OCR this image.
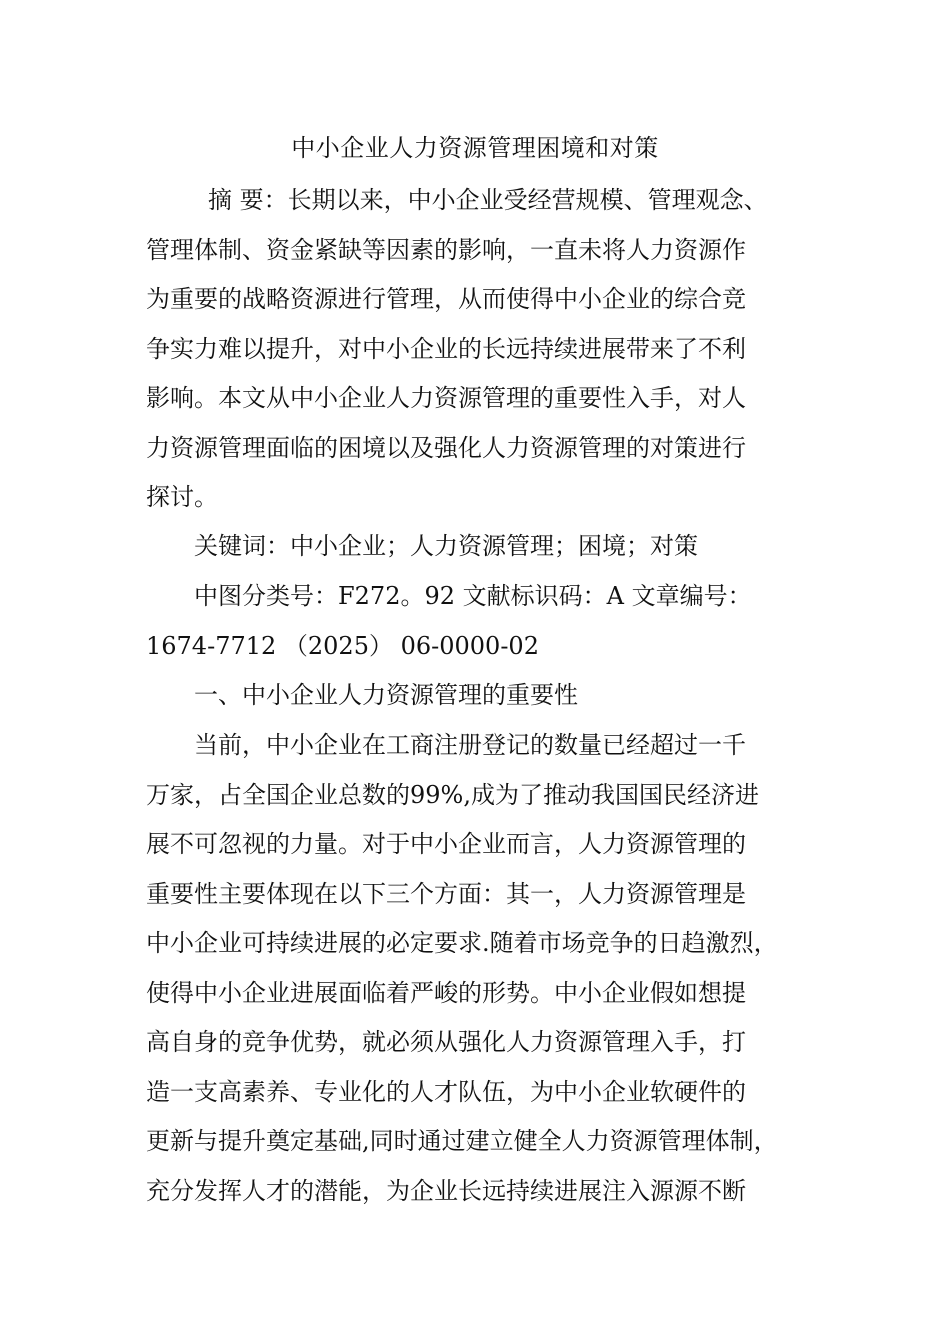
中小企业人力资源管理困境和对策
摘 要：长期以来，中小企业受经营规模、管理观念、
管理体制、资金紧缺等因素的影响，一直未将人力资源作
为重要的战略资源进行管理，从而使得中小企业的综合竞
争实力难以提升，对中小企业的长远持续进展带来了不利
影响。本文从中小企业人力资源管理的重要性入手，对人
力资源管理面临的困境以及强化人力资源管理的对策进行
探讨。
关键词：中小企业；人力资源管理；困境；对策
中图分类号：F272。92 文献标识码：A 文章编号：
1674-7712 （2025） 06-0000-02
一、中小企业人力资源管理的重要性
当前，中小企业在工商注册登记的数量已经超过一千
万家，占全国企业总数的99%,成为了推动我国国民经济进
展不可忽视的力量。对于中小企业而言，人力资源管理的
重要性主要体现在以下三个方面：其一，人力资源管理是
中小企业可持续进展的必定要求.随着市场竞争的日趋激烈，
使得中小企业进展面临着严峻的形势。中小企业假如想提
高自身的竞争优势，就必须从强化人力资源管理入手，打
造一支高素养、专业化的人才队伍，为中小企业软硬件的
更新与提升奠定基础,同时通过建立健全人力资源管理体制，
充分发挥人才的潜能，为企业长远持续进展注入源源不断
